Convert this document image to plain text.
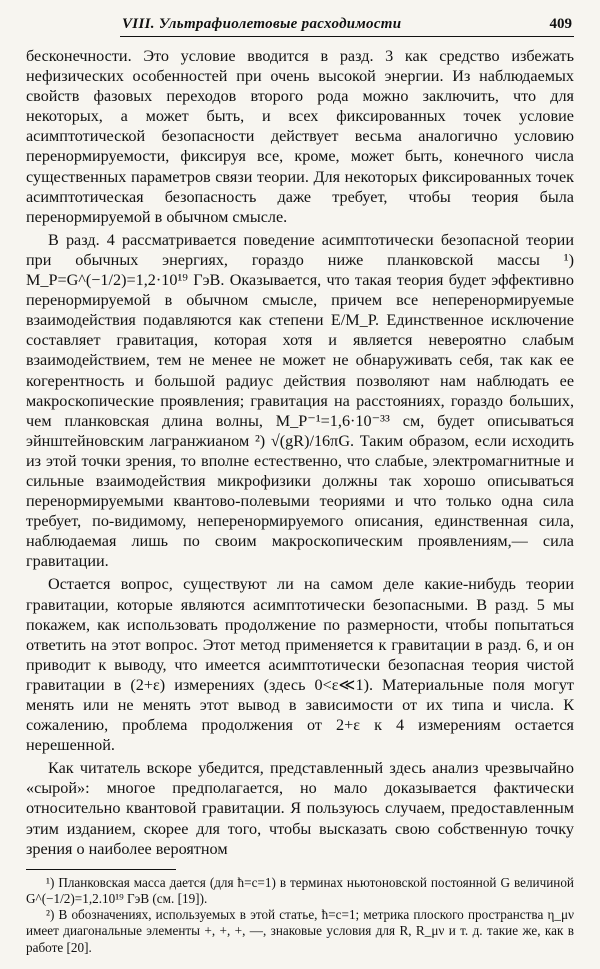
VIII. Ультрафиолетовые расходимости	409

бесконечности. Это условие вводится в разд. 3 как средство избежать нефизических особенностей при очень высокой энергии. Из наблюдаемых свойств фазовых переходов второго рода можно заключить, что для некоторых, а может быть, и всех фиксированных точек условие асимптотической безопасности действует весьма аналогично условию перенормируемости, фиксируя все, кроме, может быть, конечного числа существенных параметров связи теории. Для некоторых фиксированных точек асимптотическая безопасность даже требует, чтобы теория была перенормируемой в обычном смысле.

В разд. 4 рассматривается поведение асимптотически безопасной теории при обычных энергиях, гораздо ниже планковской массы ¹) M_P=G^(−1/2)=1,2·10¹⁹ ГэВ. Оказывается, что такая теория будет эффективно перенормируемой в обычном смысле, причем все неперенормируемые взаимодействия подавляются как степени E/M_P. Единственное исключение составляет гравитация, которая хотя и является невероятно слабым взаимодействием, тем не менее не может не обнаруживать себя, так как ее когерентность и большой радиус действия позволяют нам наблюдать ее макроскопические проявления; гравитация на расстояниях, гораздо больших, чем планковская длина волны, M_P⁻¹=1,6·10⁻³³ см, будет описываться эйнштейновским лагранжианом ²) √(gR)/16πG. Таким образом, если исходить из этой точки зрения, то вполне естественно, что слабые, электромагнитные и сильные взаимодействия микрофизики должны так хорошо описываться перенормируемыми квантово-полевыми теориями и что только одна сила требует, по-видимому, неперенормируемого описания, единственная сила, наблюдаемая лишь по своим макроскопическим проявлениям,— сила гравитации.

Остается вопрос, существуют ли на самом деле какие-нибудь теории гравитации, которые являются асимптотически безопасными. В разд. 5 мы покажем, как использовать продолжение по размерности, чтобы попытаться ответить на этот вопрос. Этот метод применяется к гравитации в разд. 6, и он приводит к выводу, что имеется асимптотически безопасная теория чистой гравитации в (2+ε) измерениях (здесь 0<ε≪1). Материальные поля могут менять или не менять этот вывод в зависимости от их типа и числа. К сожалению, проблема продолжения от 2+ε к 4 измерениям остается нерешенной.

Как читатель вскоре убедится, представленный здесь анализ чрезвычайно «сырой»: многое предполагается, но мало доказывается фактически относительно квантовой гравитации. Я пользуюсь случаем, предоставленным этим изданием, скорее для того, чтобы высказать свою собственную точку зрения о наиболее вероятном

¹) Планковская масса дается (для ħ=c=1) в терминах ньютоновской постоянной G величиной G^(−1/2)=1,2.10¹⁹ ГэВ (см. [19]).

²) В обозначениях, используемых в этой статье, ħ=c=1; метрика плоского пространства η_μν имеет диагональные элементы +, +, +, —, знаковые условия для R, R_μν и т. д. такие же, как в работе [20].
